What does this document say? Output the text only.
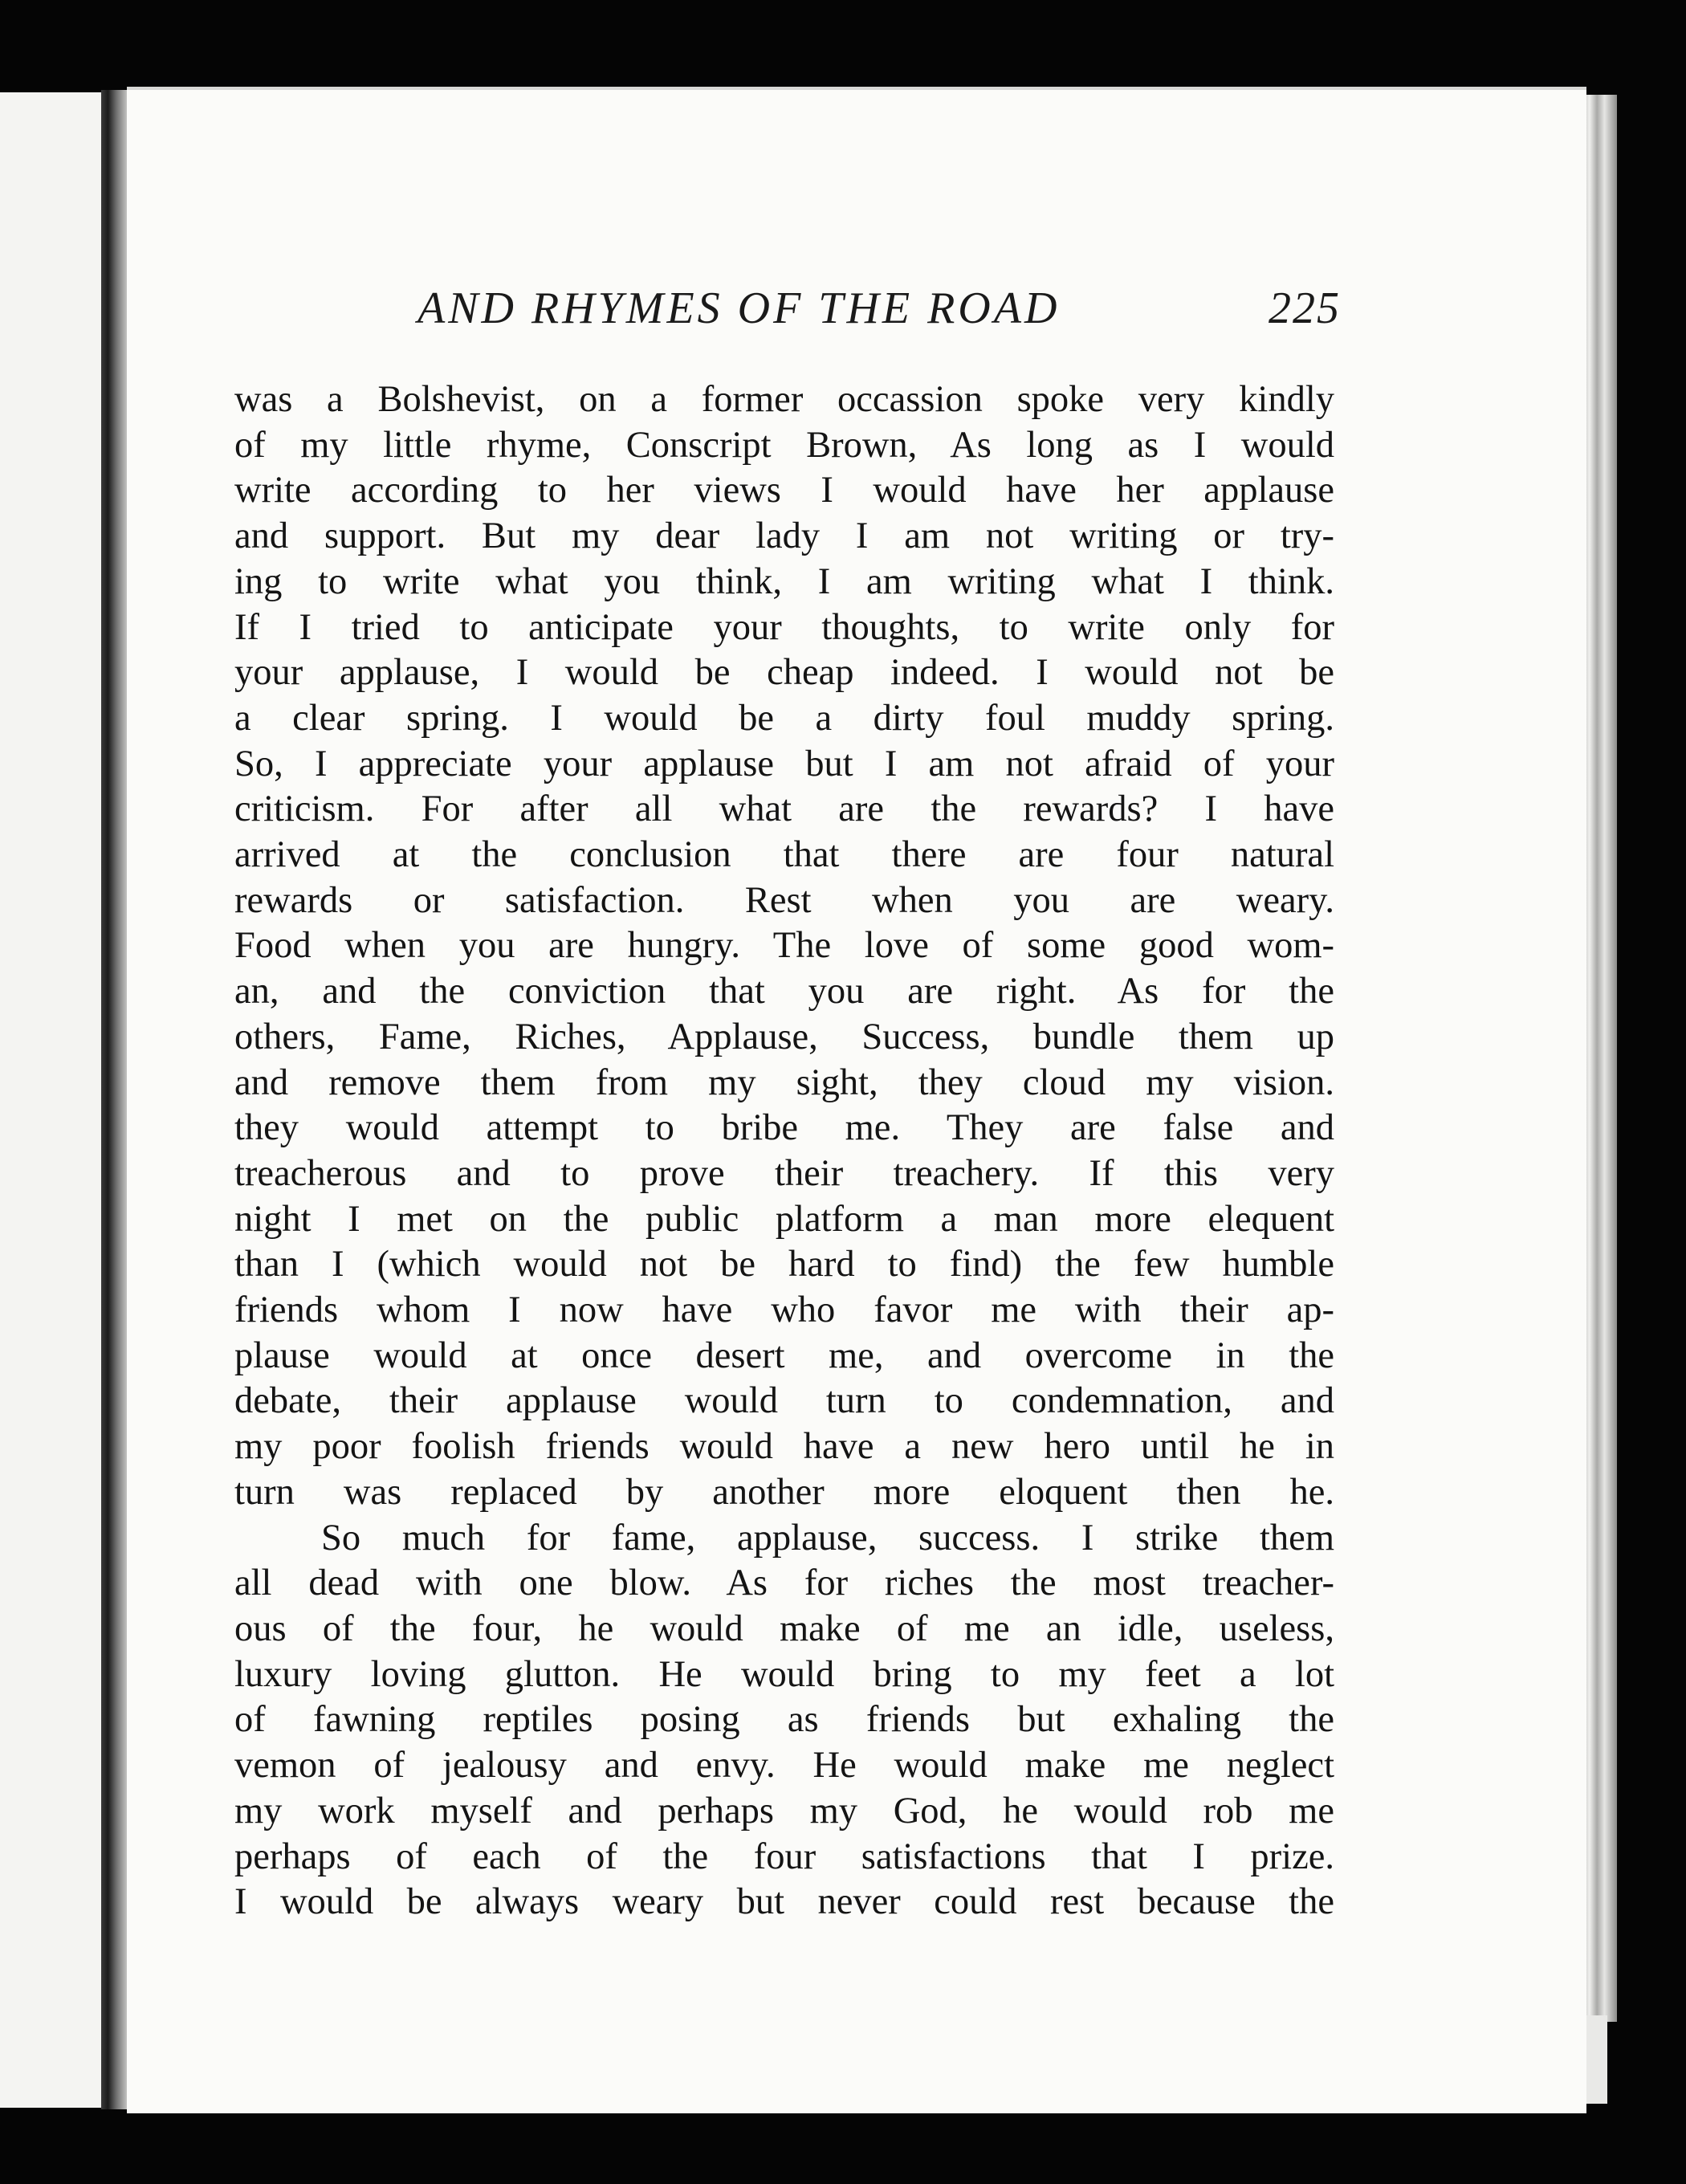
AND RHYMES OF THE ROAD	225
was a Bolshevist, on a former occassion spoke very kindly
of my little rhyme, Conscript Brown, As long as I would
write according to her views I would have her applause
and support. But my dear lady I am not writing or try-
ing to write what you think, I am writing what I think.
If I tried to anticipate your thoughts, to write only for
your applause, I would be cheap indeed. I would not be
a clear spring. I would be a dirty foul muddy spring.
So, I appreciate your applause but I am not afraid of your
criticism. For after all what are the rewards? I have
arrived at the conclusion that there are four natural
rewards or satisfaction. Rest when you are weary.
Food when you are hungry. The love of some good wom-
an, and the conviction that you are right. As for the
others, Fame, Riches, Applause, Success, bundle them up
and remove them from my sight, they cloud my vision.
they would attempt to bribe me. They are false and
treacherous and to prove their treachery. If this very
night I met on the public platform a man more elequent
than I (which would not be hard to find) the few humble
friends whom I now have who favor me with their ap-
plause would at once desert me, and overcome in the
debate, their applause would turn to condemnation, and
my poor foolish friends would have a new hero until he in
turn was replaced by another more eloquent then he.
So much for fame, applause, success. I strike them
all dead with one blow. As for riches the most treacher-
ous of the four, he would make of me an idle, useless,
luxury loving glutton. He would bring to my feet a lot
of fawning reptiles posing as friends but exhaling the
vemon of jealousy and envy. He would make me neglect
my work myself and perhaps my God, he would rob me
perhaps of each of the four satisfactions that I prize.
I would be always weary but never could rest because the
